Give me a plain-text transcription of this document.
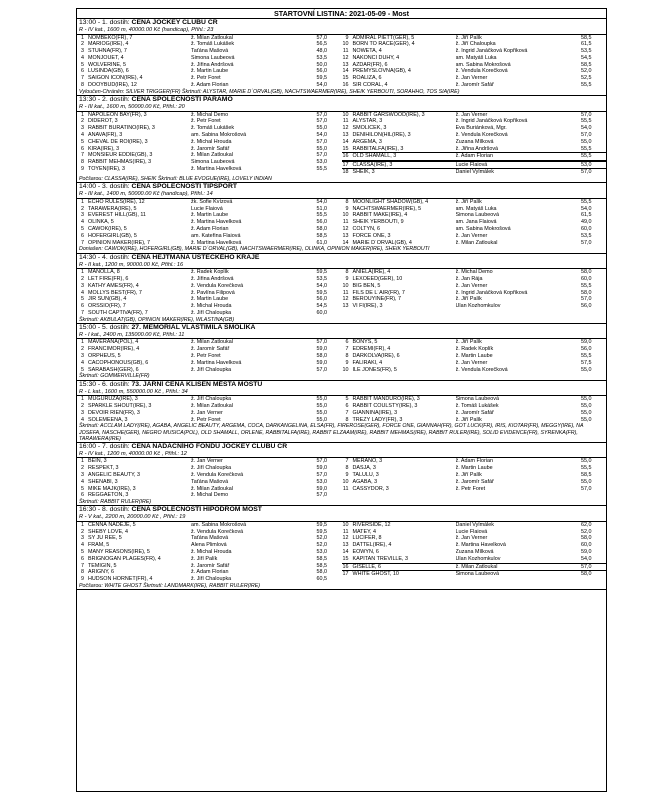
STARTOVNÍ LISTINA: 2021-05-09 - Most
13:00 - 1. dostih: CENA JOCKEY CLUBU ČR
R - IV kat., 1600 m, 40000.00 Kč (handicap), Přihl.: 23
1 NOMBEKO(FR), 7	ž. Milan Zatloukal	57,0
2 MARIOG(IRE), 4	ž. Tomáš Lukášek	56,5
3 STUHNA(FR), 7	Taťána Mašová	48,0
4 MONJOUET, 4	Simona Laubeová	53,5
5 WOLVERINE, 5	ž. Jiřina Andršová	50,0
6 LUSINDA(GB), 6	ž. Martin Laube	56,0
7 SAIGON ICON(IRE), 4	ž. Petr Foret	59,5
8 DOOYBUD(IRE), 12	ž. Adam Florian	54,0
9 ADMIRAL PIETT(GER), 5	ž. Jiří Palík	58,5
10 BORN TO RACE(GER), 4	ž. Jiří Chaloupka	61,5
11 NOWETA, 4	ž. Ingrid Janáčková Kopřiková	53,5
12 NAKONCI DUHY, 4	am. Matyáš Luka	54,5
13 AZDAR(FR), 6	am. Sabina Mokrošová	58,5
14 PREMYSLOVNA(GB), 4	ž. Vendula Korečková	52,0
15 ROALIZA, 6	ž. Jan Verner	52,5
16 SIR CORAL, 4	ž. Jaromír Šafář	55,5
Vyloučen-Chráněn: SILVER TRIGGER(FR) Škrtnutí: ALYSTAR, MARIE D´ORVAL(GB), NACHTSWAERMER(IRE), SHEIK YERBOUTI, SORAHHO, TOS SIA(IRE)
13:30 - 2. dostih: CENA SPOLEČNOSTI PARAMO
R - III kat., 1600 m, 50000.00 Kč, Přihl.: 20
1 NAPOLEON BAY(FR), 3	ž. Michal Demo	57,0
2 DIDEROT, 3	ž. Petr Foret	57,0
3 RABBIT BURATINO(IRE), 3	ž. Tomáš Lukášek	55,0
4 ANAVA(FR), 3	am. Sabina Mokrošová	54,0
5 CHEVAL DE ROI(IRE), 3	ž. Michal Hrouda	57,0
6 KIRA(IRE), 3	ž. Jaromír Šafář	55,0
7 MONSIEUR EDDIE(GB), 3	ž. Milan Zatloukal	57,0
8 RABBIT MEHMAS(IRE), 3	Simona Laubeová	53,0
9 TOYEN(IRE), 3	ž. Martina Havelková	55,5
10 RABBIT GARSWOOD(IRE), 3	ž. Jan Verner	57,0
11 ALYSTAR, 3	ž. Ingrid Janáčková Kopřiková	55,5
12 SMOLÍČEK, 3	Eva Buriánková, Mgr.	54,0
13 DENIHILON(HIL(IRE), 3	ž. Vendula Korečková	57,0
14 ARGEMA, 3	Zuzana Mílková	55,0
15 RABBITALFA(IRE), 3	ž. Jiřina Andršová	55,5
16 OLD SHAMALL, 3	ž. Adam Florian	55,5
17 CLASSA(IRE), 3	Lucie Flaiová	53,0
18 SHEIK, 3	Daniel Vylmálek	57,0
Počšarou: CLASSA(IRE), SHEIK Škrtnutí: BLUE EVOGUE(IRE), LOVELY INDIAN
14:00 - 3. dostih: CENA SPOLEČNOSTI TIPSPORT
R - III kat., 1400 m, 50000.00 Kč (handicap), Přihl.: 14
1 ECHO RULES(IRE), 12	žk. Sofie Kvízová	54,0
2 TARAWERA(IRE), 5	Lucie Flaiová	51,0
3 EVEREST HILL(GB), 11	ž. Martin Laube	55,5
4 OLINKA, 5	ž. Martina Havelková	56,0
5 CAWOK(IRE), 5	ž. Adam Florian	58,0
6 HOFERGIRL(GB), 5	am. Kateřina Flaiová	58,5
7 OPINION MAKER(IRE), 7	ž. Martina Havelková	61,0
8 MOONLIGHT SHADOW(GB), 4	ž. Jiří Palík	55,5
9 NACHTSWAERMER(IRE), 5	am. Matyáš Luka	54,0
10 RABBIT MAKE(IRE), 4	Simona Laubeová	61,5
11 SHEIK YERBOUTI, 9	am. Jana Flaiová	49,0
12 COLTYN, 6	am. Sabina Mokrošová	60,0
13 FORCE ONE, 3	ž. Jan Verner	53,5
14 MARIE D´ORVAL(GB), 4	ž. Milan Zatloukal	57,0
Doniašen: CAWOK(IRE), HOFERGIRL(GB), MARIE D´ORVAL(GB), NACHTSWAERMER(IRE), OLINKA, OPINION MAKER(IRE), SHEIK YERBOUTI
14:30 - 4. dostih: CENA HEJTMANA ÚSTECKÉHO KRAJE
R - II kat., 1200 m, 90000.00 Kč, Přihl.: 16
1 MANOLLA, 8	ž. Radek Koplík	59,5
2 LET FIRE(FR), 6	ž. Jiřina Andršová	53,5
3 KATHY AMES(FR), 4	ž. Vendula Korečková	54,0
4 MOLLYS BEST(FR), 7	ž. Pavlína Filipová	59,5
5 JIR SUN(GB), 4	ž. Martin Laube	56,0
6 ORSSIO(FR), 7	ž. Michal Hrouda	54,5
7 SOUTH CAPTIVA(FR), 7	ž. Jiří Chaloupka	60,0
8 ANIELA(IRE), 4	ž. Michal Demo	58,0
9 LEXOEED(GER), 10	ž. Jan Rája	60,0
10 BIG BEN, 5	ž. Jan Verner	55,5
11 FILS DE L´AIR(FR), 7	ž. Ingrid Janáčková Kopřiková	58,0
12 BEROUYINE(FR), 7	ž. Jiří Palík	57,0
13 VI FI(IRE), 3	Ulan Kozhomkulov	56,0
Škrtnutí: AKBULAT(GB), OPINION MAKER(IRE), WLASTINA(GB)
15:00 - 5. dostih: 27. MEMORIÁL VLASTIMILA SMOLÍKA
R - I kat., 2400 m, 135000.00 Kč, Přihl.: 11
1 MAVERANA(POL), 4	ž. Milan Zatloukal	57,0
2 FRANCIMOR(IRE), 4	ž. Jaromír Šafář	59,0
3 ORPHEUS, 5	ž. Petr Foret	58,0
4 CACOPHONOUS(GB), 6	ž. Martina Havelková	59,0
5 SARABASH(GER), 6	ž. Jiří Chaloupka	57,0
6 BONYS, 5	ž. Jiří Palík	59,0
7 EDREMI(FR), 4	ž. Radek Koplík	56,0
8 DARKOLVA(IRE), 6	ž. Martin Laube	55,5
9 FALIRAKI, 4	ž. Jan Verner	57,5
10 ILE JONES(FR), 5	ž. Vendula Korečková	55,0
Škrtnutí: GOMMERVILLE(FR)
15:30 - 6. dostih: 73. JARNÍ CENA KLISEN MĚSTA MOSTU
R - L kat., 1600 m, 550000.00 Kč , Přihl.: 34
1 MUGURUZA(IRE), 3	ž. Jiří Chaloupka	55,0
2 SPARKLE SHOUT(IRE), 3	ž. Milan Zatloukal	55,0
3 DEVOIR RIEN(FR), 3	ž. Jan Verner	55,0
4 SOLEMEENA, 3	ž. Petr Foret	55,0
5 RABBIT MANDURO(IRE), 3	Simona Laubeová	55,0
6 RABBIT COULSTY(IRE), 3	ž. Tomáš Lukášek	55,0
7 GIANNINA(IRE), 3	ž. Jaromír Šafář	55,0
8 TREZY LADY(FR), 3	ž. Jiří Palík	55,0
Škrtnutí: ACCLAM LADY(IRE), AGABA, ANGELIC BEAUTY, ARGEMA, COCA, DARKANGELINA, ELSA(FR), FIREROSE(GER), FORCE ONE, GIANNAH(FR), GOT LUCK(FR), IRIS, KIOTAR(FR), MEGGY(IRE), NA JOSEFA, NASCHE(GER), NEGRO MUSICA(POL), OLD SHAMALL, ORLENE, RABBITALFA(IRE), RABBIT ELZAAM(IRE), RABBIT MEHMAS(IRE), RABBIT RULER(IRE), SOLID EVIDENCE(FR), SYRENKA(FR), TARAWERA(IRE)
16:00 - 7. dostih: CENA NADAČNÍHO FONDU JOCKEY CLUBU ČR
R - IV kat., 1200 m, 40000.00 Kč , Přihl.: 12
1 BEIN, 3	ž. Jan Verner	57,0
2 RESPEKT, 3	ž. Jiří Chaloupka	59,0
3 ANGELIC BEAUTY, 3	ž. Vendula Korečková	57,0
4 SHENABI, 3	Taťána Mašová	53,0
5 MIKE MAJK(IRE), 3	ž. Milan Zatloukal	59,0
6 REGGAETON, 3	ž. Michal Demo	57,0
7 MERANO, 3	ž. Adam Florian	55,0
8 DASJA, 3	ž. Martin Laube	55,5
9 TALULU, 3	ž. Jiří Palík	58,5
10 AGABA, 3	ž. Jaromír Šafář	55,0
11 CASSYDOR, 3	ž. Petr Foret	57,0
Škrtnutí: RABBIT RULER(IRE)
16:30 - 8. dostih: CENA SPOLEČNOSTI HIPODROM MOST
R - V kat., 2200 m, 20000.00 Kč , Přihl.: 19
1 CENNÁ NADĚJE, 5	am. Sabina Mokrošová	59,5
2 SHEBY LOVE, 4	ž. Vendula Korečková	59,5
3 SY JU REE, 5	Taťána Mašová	52,0
4 FRAM, 5	Alena Plimlová	52,0
5 MANY REASONS(IRE), 5	ž. Michal Hrouda	53,0
6 BRIGNOGAN PLAGES(FR), 4	ž. Jiří Palík	58,5
7 TEMIGIN, 5	ž. Jaromír Šafář	58,5
8 ARIGNY, 6	ž. Adam Florian	58,0
9 HUDSON HORNET(FR), 4	ž. Jiří Chaloupka	60,5
10 RIVERSIDE, 12	Daniel Vylmálek	62,0
11 MATEY, 4	Lucie Flaiová	52,0
12 LUCIFER, 8	ž. Jan Verner	58,0
13 DATTEL(IRE), 4	ž. Martina Havelková	60,0
14 EOWYN, 6	Zuzana Mílková	59,0
15 KAPITAN TREVILLE, 3	Ulan Kozhomkulov	54,0
16 GISELLE, 6	ž. Milan Zatloukal	57,0
17 WHITE GHOST, 10	Simona Laubeová	58,0
Počšarou: WHITE GHOST Škrtnutí: LANDMARK(IRE), RABBIT RULER(IRE)
